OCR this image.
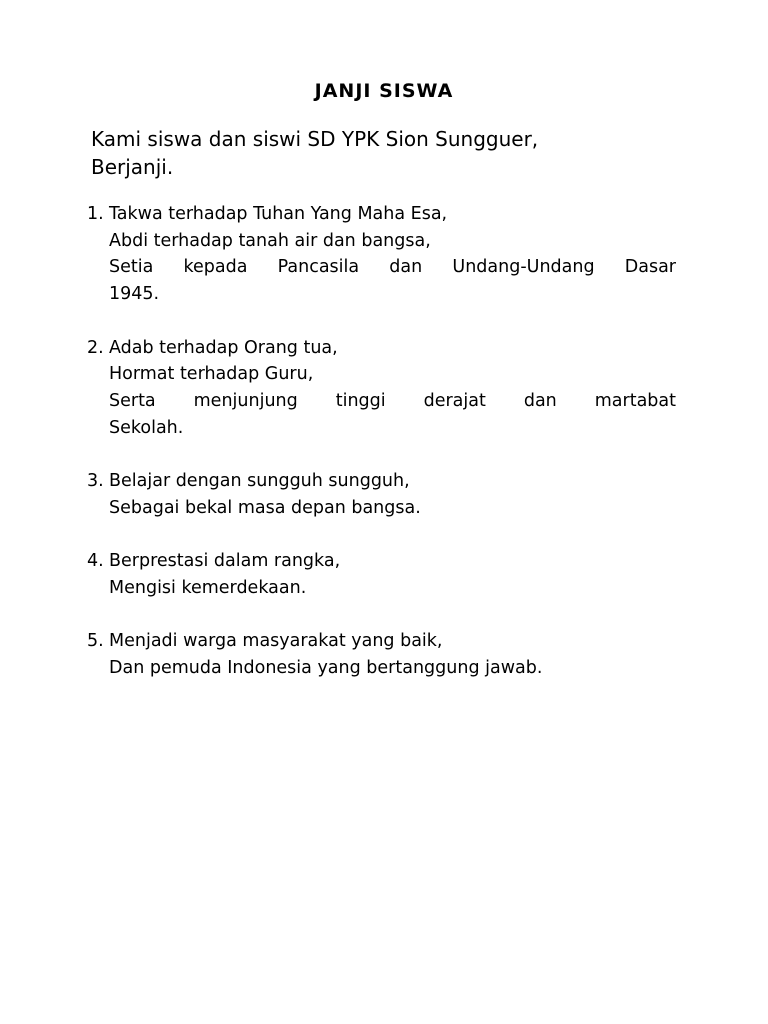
JANJI SISWA
Kami siswa dan siswi SD YPK Sion Sungguer,
Berjanji.
1. Takwa terhadap Tuhan Yang Maha Esa,
Abdi terhadap tanah air dan bangsa,
Setia kepada Pancasila dan Undang-Undang Dasar
1945.
2. Adab terhadap Orang tua,
Hormat terhadap Guru,
Serta menjunjung tinggi derajat dan martabat
Sekolah.
3. Belajar dengan sungguh sungguh,
Sebagai bekal masa depan bangsa.
4. Berprestasi dalam rangka,
Mengisi kemerdekaan.
5. Menjadi warga masyarakat yang baik,
Dan pemuda Indonesia yang bertanggung jawab.
